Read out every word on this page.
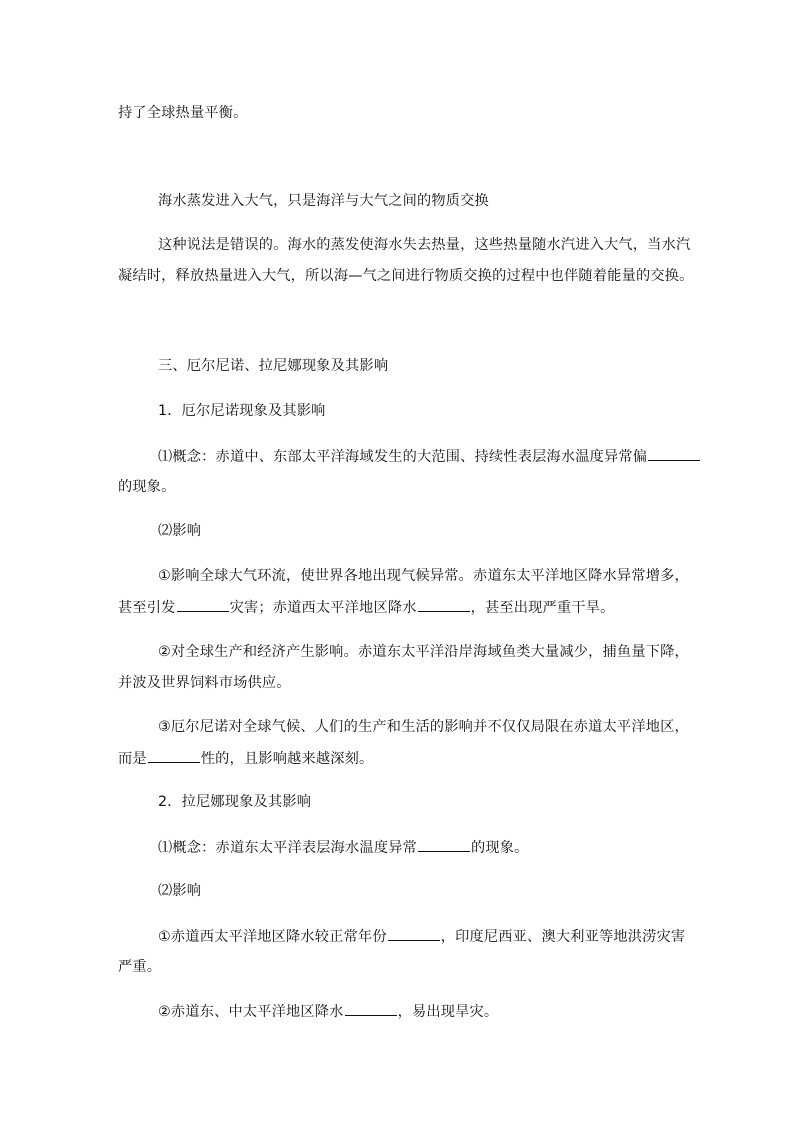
持了全球热量平衡。
海水蒸发进入大气，只是海洋与大气之间的物质交换
这种说法是错误的。海水的蒸发使海水失去热量，这些热量随水汽进入大气，当水汽
凝结时，释放热量进入大气，所以海—气之间进行物质交换的过程中也伴随着能量的交换。
三、厄尔尼诺、拉尼娜现象及其影响
1．厄尔尼诺现象及其影响
⑴概念：赤道中、东部太平洋海域发生的大范围、持续性表层海水温度异常偏
的现象。
⑵影响
①影响全球大气环流，使世界各地出现气候异常。赤道东太平洋地区降水异常增多，
甚至引发	灾害；赤道西太平洋地区降水	，甚至出现严重干旱。
②对全球生产和经济产生影响。赤道东太平洋沿岸海域鱼类大量减少，捕鱼量下降，
并波及世界饲料市场供应。
③厄尔尼诺对全球气候、人们的生产和生活的影响并不仅仅局限在赤道太平洋地区，
而是	性的，且影响越来越深刻。
2．拉尼娜现象及其影响
⑴概念：赤道东太平洋表层海水温度异常	的现象。
⑵影响
①赤道西太平洋地区降水较正常年份	，印度尼西亚、澳大利亚等地洪涝灾害
严重。
②赤道东、中太平洋地区降水	，易出现旱灾。
